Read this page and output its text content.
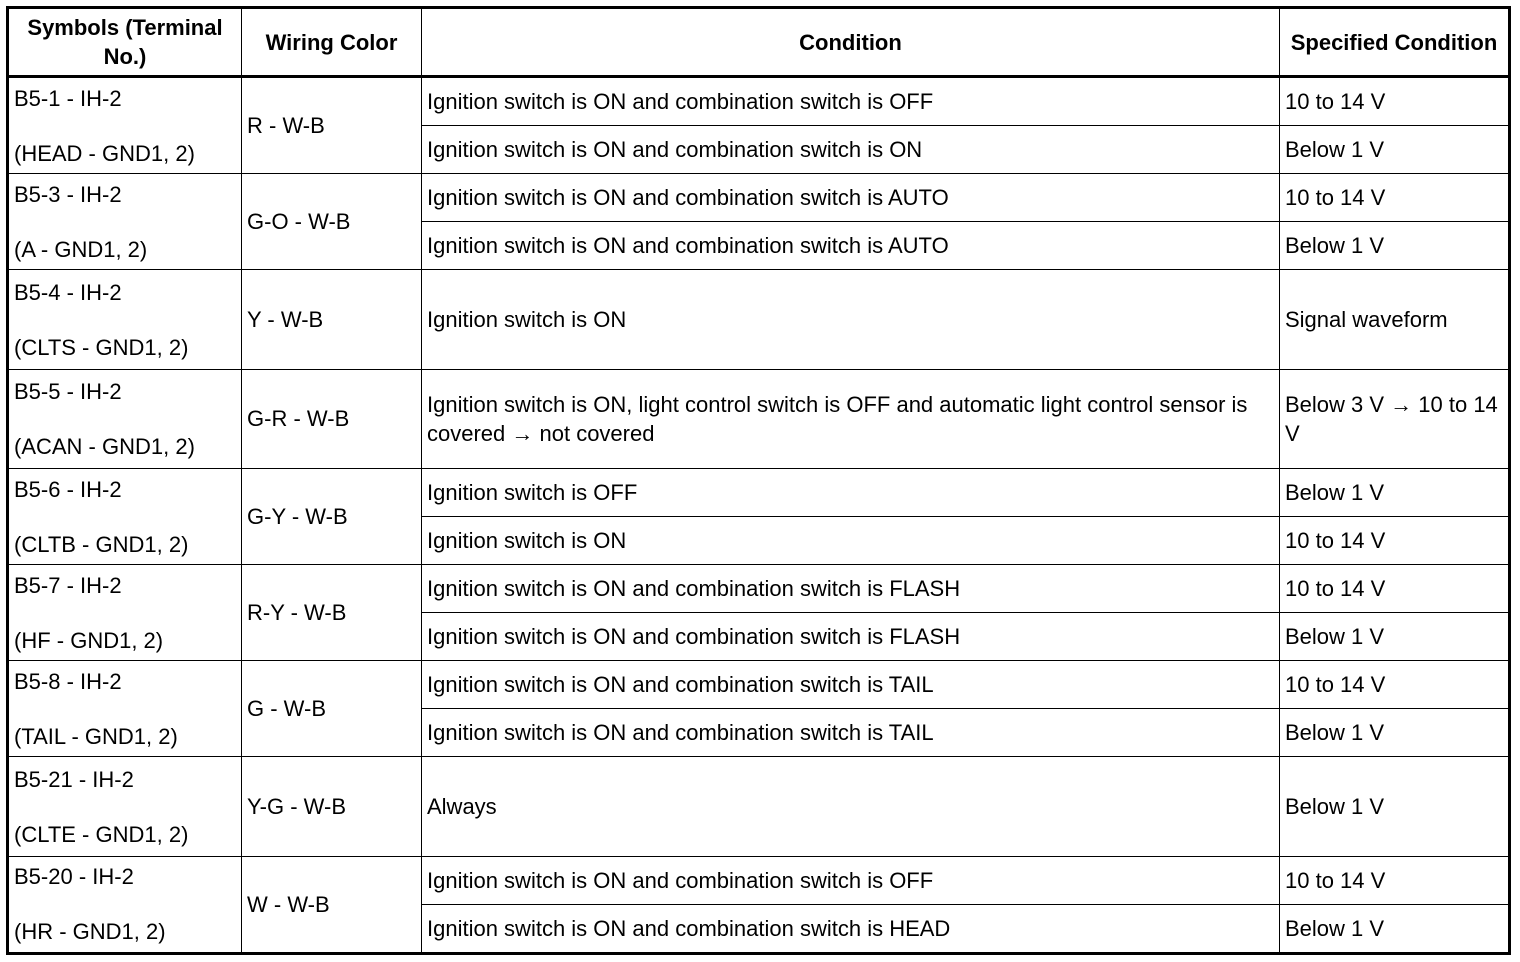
Symbols (Terminal No.)	Wiring Color	Condition	Specified Condition

B5-1 - IH-2
(HEAD - GND1, 2)	R - W-B	Ignition switch is ON and combination switch is OFF	10 to 14 V
		Ignition switch is ON and combination switch is ON	Below 1 V

B5-3 - IH-2
(A - GND1, 2)	G-O - W-B	Ignition switch is ON and combination switch is AUTO	10 to 14 V
		Ignition switch is ON and combination switch is AUTO	Below 1 V

B5-4 - IH-2
(CLTS - GND1, 2)	Y - W-B	Ignition switch is ON	Signal waveform

B5-5 - IH-2
(ACAN - GND1, 2)	G-R - W-B	Ignition switch is ON, light control switch is OFF and automatic light control sensor is covered → not covered	Below 3 V → 10 to 14 V

B5-6 - IH-2
(CLTB - GND1, 2)	G-Y - W-B	Ignition switch is OFF	Below 1 V
		Ignition switch is ON	10 to 14 V

B5-7 - IH-2
(HF - GND1, 2)	R-Y - W-B	Ignition switch is ON and combination switch is FLASH	10 to 14 V
		Ignition switch is ON and combination switch is FLASH	Below 1 V

B5-8 - IH-2
(TAIL - GND1, 2)	G - W-B	Ignition switch is ON and combination switch is TAIL	10 to 14 V
		Ignition switch is ON and combination switch is TAIL	Below 1 V

B5-21 - IH-2
(CLTE - GND1, 2)	Y-G - W-B	Always	Below 1 V

B5-20 - IH-2
(HR - GND1, 2)	W - W-B	Ignition switch is ON and combination switch is OFF	10 to 14 V
		Ignition switch is ON and combination switch is HEAD	Below 1 V
